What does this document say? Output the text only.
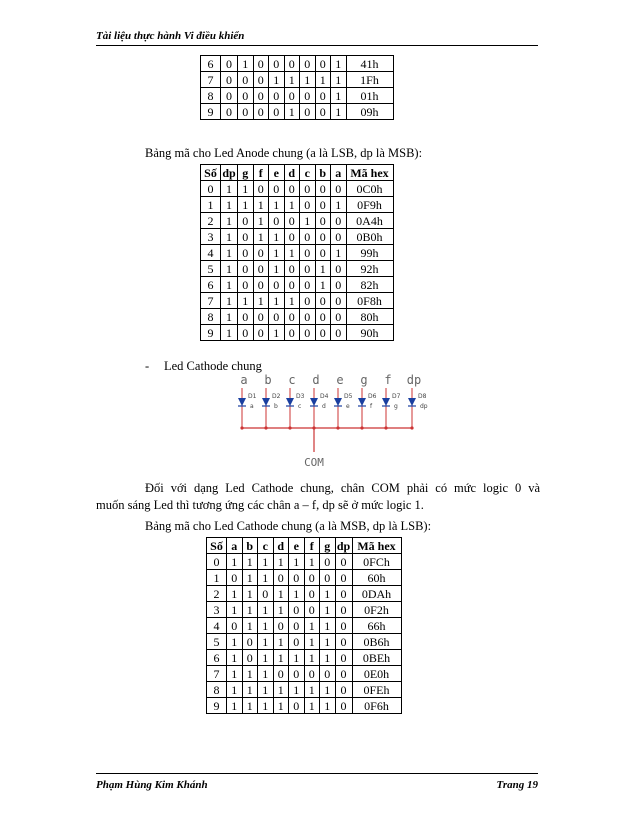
Tài liệu thực hành Vi điều khiển
6	0	1	0	0	0	0	0	1	41h
7	0	0	0	1	1	1	1	1	1Fh
8	0	0	0	0	0	0	0	1	01h
9	0	0	0	0	1	0	0	1	09h
Bảng mã cho Led Anode chung (a là LSB, dp là MSB):
Số	dp	g	f	e	d	c	b	a	Mã hex
0	1	1	0	0	0	0	0	0	0C0h
1	1	1	1	1	1	0	0	1	0F9h
2	1	0	1	0	0	1	0	0	0A4h
3	1	0	1	1	0	0	0	0	0B0h
4	1	0	0	1	1	0	0	1	99h
5	1	0	0	1	0	0	1	0	92h
6	1	0	0	0	0	0	1	0	82h
7	1	1	1	1	1	0	0	0	0F8h
8	1	0	0	0	0	0	0	0	80h
9	1	0	0	1	0	0	0	0	90h
- Led Cathode chung
COM
a
D1
a
b
D2
b
c
D3
c
d
D4
d
e
D5
e
g
D6
f
f
D7
g
dp
D8
dp
Đối với dạng Led Cathode chung, chân COM phải có mức logic 0 và
muốn sáng Led thì tương ứng các chân a – f, dp sẽ ở mức logic 1.
Bảng mã cho Led Cathode chung (a là MSB, dp là LSB):
Số	a	b	c	d	e	f	g	dp	Mã hex
0	1	1	1	1	1	1	0	0	0FCh
1	0	1	1	0	0	0	0	0	60h
2	1	1	0	1	1	0	1	0	0DAh
3	1	1	1	1	0	0	1	0	0F2h
4	0	1	1	0	0	1	1	0	66h
5	1	0	1	1	0	1	1	0	0B6h
6	1	0	1	1	1	1	1	0	0BEh
7	1	1	1	0	0	0	0	0	0E0h
8	1	1	1	1	1	1	1	0	0FEh
9	1	1	1	1	0	1	1	0	0F6h
Phạm Hùng Kim Khánh	Trang 19
